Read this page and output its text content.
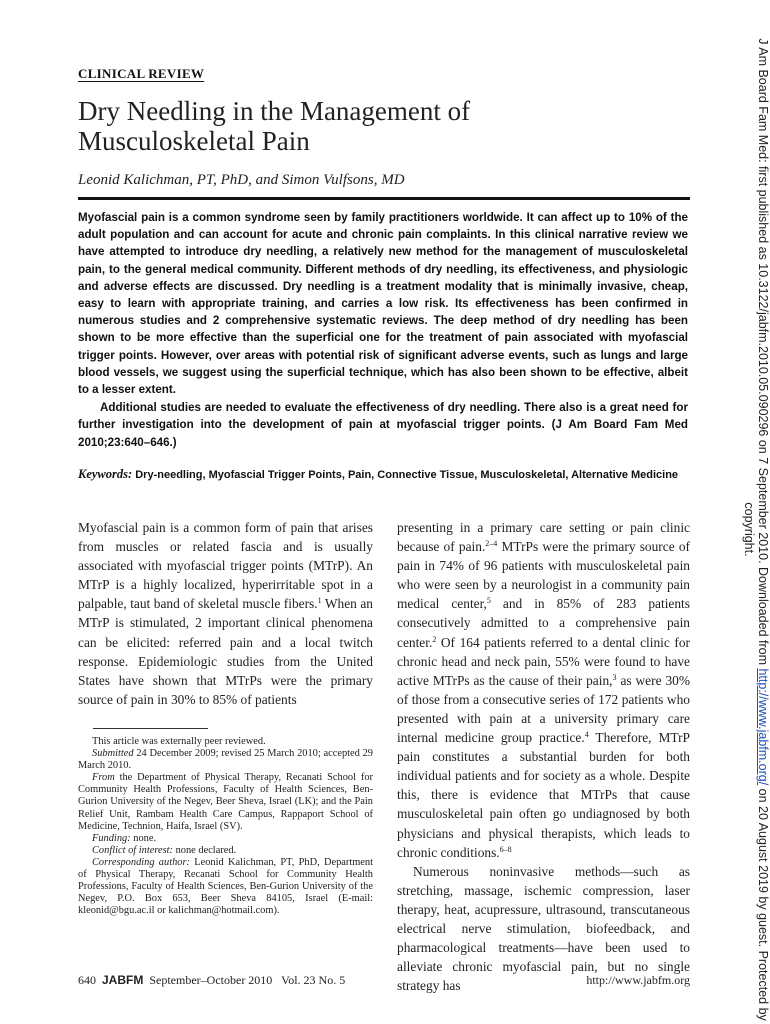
CLINICAL REVIEW
Dry Needling in the Management of Musculoskeletal Pain
Leonid Kalichman, PT, PhD, and Simon Vulfsons, MD

Myofascial pain is a common syndrome seen by family practitioners worldwide. It can affect up to 10% of the adult population and can account for acute and chronic pain complaints. In this clinical narrative review we have attempted to introduce dry needling, a relatively new method for the management of musculoskeletal pain, to the general medical community. Different methods of dry needling, its effectiveness, and physiologic and adverse effects are discussed. Dry needling is a treatment modality that is minimally invasive, cheap, easy to learn with appropriate training, and carries a low risk. Its effectiveness has been confirmed in numerous studies and 2 comprehensive systematic reviews. The deep method of dry needling has been shown to be more effective than the superficial one for the treatment of pain associated with myofascial trigger points. However, over areas with potential risk of significant adverse events, such as lungs and large blood vessels, we suggest using the superficial technique, which has also been shown to be effective, albeit to a lesser extent.

Additional studies are needed to evaluate the effectiveness of dry needling. There also is a great need for further investigation into the development of pain at myofascial trigger points. (J Am Board Fam Med 2010;23:640–646.)

Keywords: Dry-needling, Myofascial Trigger Points, Pain, Connective Tissue, Musculoskeletal, Alternative Medicine

Myofascial pain is a common form of pain that arises from muscles or related fascia and is usually associated with myofascial trigger points (MTrP). An MTrP is a highly localized, hyperirritable spot in a palpable, taut band of skeletal muscle fibers.$^1$ When an MTrP is stimulated, 2 important clinical phenomena can be elicited: referred pain and a local twitch response. Epidemiologic studies from the United States have shown that MTrPs were the primary source of pain in 30% to 85% of patients

This article was externally peer reviewed.

Submitted 24 December 2009; revised 25 March 2010; accepted 29 March 2010.

From the Department of Physical Therapy, Recanati School for Community Health Professions, Faculty of Health Sciences, Ben-Gurion University of the Negev, Beer Sheva, Israel (LK); and the Pain Relief Unit, Rambam Health Care Campus, Rappaport School of Medicine, Technion, Haifa, Israel (SV).

Funding: none.

Conflict of interest: none declared.

Corresponding author: Leonid Kalichman, PT, PhD, Department of Physical Therapy, Recanati School for Community Health Professions, Faculty of Health Sciences, Ben-Gurion University of the Negev, P.O. Box 653, Beer Sheva 84105, Israel (E-mail: kleonid@bgu.ac.il or kalichman@hotmail.com).

presenting in a primary care setting or pain clinic because of pain.$^{2-4}$ MTrPs were the primary source of pain in 74% of 96 patients with musculoskeletal pain who were seen by a neurologist in a community pain medical center,$^5$ and in 85% of 283 patients consecutively admitted to a comprehensive pain center.$^2$ Of 164 patients referred to a dental clinic for chronic head and neck pain, 55% were found to have active MTrPs as the cause of their pain,$^3$ as were 30% of those from a consecutive series of 172 patients who presented with pain at a university primary care internal medicine group practice.$^4$ Therefore, MTrP pain constitutes a substantial burden for both individual patients and for society as a whole. Despite this, there is evidence that MTrPs that cause musculoskeletal pain often go undiagnosed by both physicians and physical therapists, which leads to chronic conditions.$^{6-8}$

Numerous noninvasive methods—such as stretching, massage, ischemic compression, laser therapy, heat, acupressure, ultrasound, transcutaneous electrical nerve stimulation, biofeedback, and pharmacological treatments—have been used to alleviate chronic myofascial pain, but no single strategy has

640 JABFM September–October 2010   Vol. 23 No. 5	http://www.jabfm.org
J Am Board Fam Med: first published as 10.3122/jabfm.2010.05.090296 on 7 September 2010. Downloaded from http://www.jabfm.org/ on 20 August 2019 by guest. Protected by copyright.
